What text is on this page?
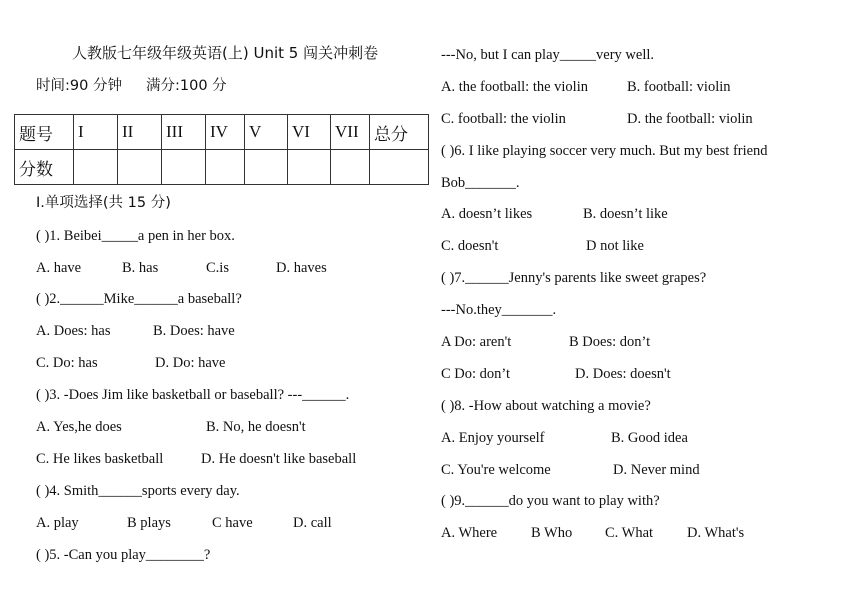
人教版七年级年级英语(上) Unit 5 闯关冲刺卷
时间:90 分钟 满分:100 分
题号	I	II	III	IV	V	VI	VII	总分
分数								
I.单项选择(共 15 分)
( )1. Beibei_____a pen in her box.
A. have	B. has	C.is	D. haves
( )2.______Mike______a baseball?
A. Does: has	B. Does: have
C. Do: has	D. Do: have
( )3. -Does Jim like basketball or baseball? ---______.
A. Yes,he does	B. No, he doesn't
C. He likes basketball	D. He doesn't like baseball
( )4. Smith______sports every day.
A. play	B plays	C have	D. call
( )5. -Can you play________?
---No, but I can play_____very well.
A. the football: the violin	B. football: violin
C. football: the violin	D. the football: violin
( )6. I like playing soccer very much. But my best friend
Bob_______.
A. doesn’t likes	B. doesn’t like
C. doesn't	D not like
( )7.______Jenny's parents like sweet grapes?
---No.they_______.
A Do: aren't	B Does: don’t
C Do: don’t	D. Does: doesn't
( )8. -How about watching a movie?
A. Enjoy yourself	B. Good idea
C. You're welcome	D. Never mind
( )9.______do you want to play with?
A. Where B Who C. What D. What's
